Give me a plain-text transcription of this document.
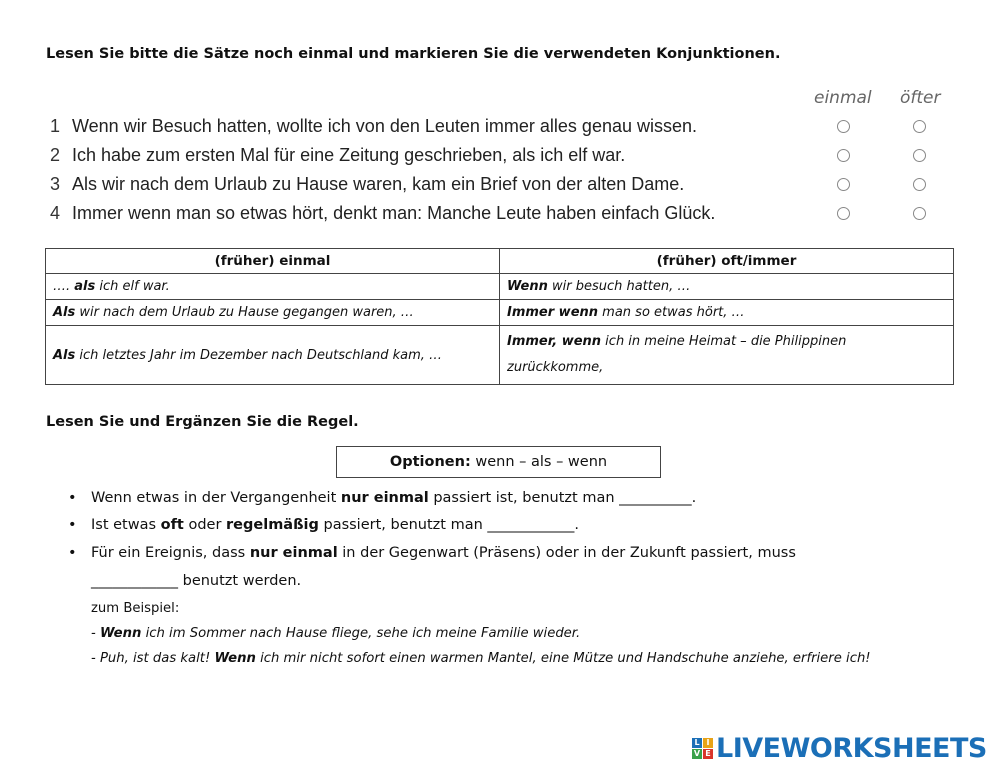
Lesen Sie bitte die Sätze noch einmal und markieren Sie die verwendeten Konjunktionen.
einmal öfter
1 Wenn wir Besuch hatten, wollte ich von den Leuten immer alles genau wissen.
2 Ich habe zum ersten Mal für eine Zeitung geschrieben, als ich elf war.
3 Als wir nach dem Urlaub zu Hause waren, kam ein Brief von der alten Dame.
4 Immer wenn man so etwas hört, denkt man: Manche Leute haben einfach Glück.
(früher) einmal	(früher) oft/immer
…. als ich elf war.	Wenn wir besuch hatten, …
Als wir nach dem Urlaub zu Hause gegangen waren, …	Immer wenn man so etwas hört, …
Als ich letztes Jahr im Dezember nach Deutschland kam, …	Immer, wenn ich in meine Heimat – die Philippinen zurückkomme,
Lesen Sie und Ergänzen Sie die Regel.
Optionen: wenn – als – wenn
• Wenn etwas in der Vergangenheit nur einmal passiert ist, benutzt man __________.
• Ist etwas oft oder regelmäßig passiert, benutzt man ____________.
• Für ein Ereignis, dass nur einmal in der Gegenwart (Präsens) oder in der Zukunft passiert, muss
____________ benutzt werden.
zum Beispiel:
- Wenn ich im Sommer nach Hause fliege, sehe ich meine Familie wieder.
- Puh, ist das kalt! Wenn ich mir nicht sofort einen warmen Mantel, eine Mütze und Handschuhe anziehe, erfriere ich!
L I
V E LIVEWORKSHEETS
